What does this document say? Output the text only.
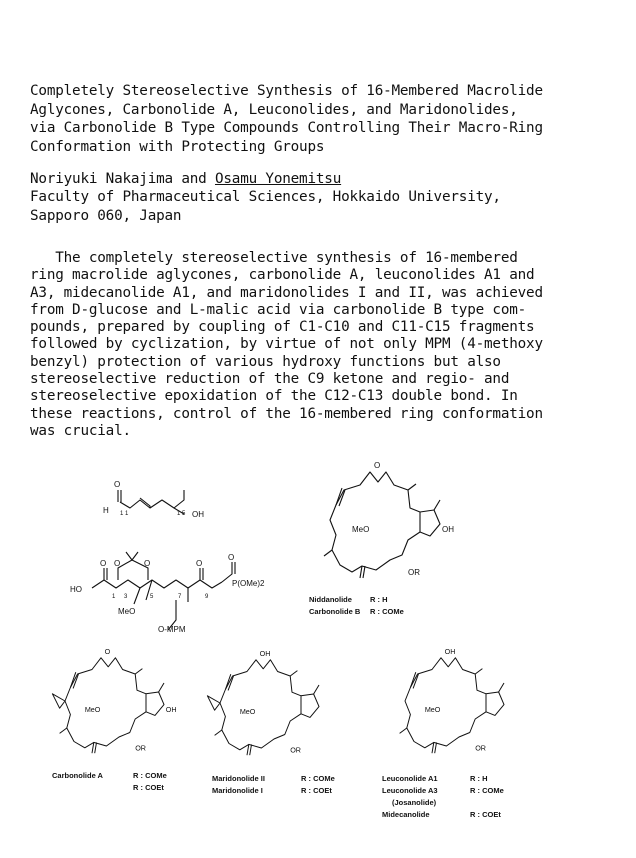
Completely Stereoselective Synthesis of 16-Membered Macrolide
Aglycones, Carbonolide A, Leuconolides, and Maridonolides,
via Carbonolide B Type Compounds Controlling Their Macro-Ring
Conformation with Protecting Groups
Noriyuki Nakajima and Osamu Yonemitsu
Faculty of Pharmaceutical Sciences, Hokkaido University,
Sapporo 060, Japan
The completely stereoselective synthesis of 16-membered
ring macrolide aglycones, carbonolide A, leuconolides A1 and
A3, midecanolide A1, and maridonolides I and II, was achieved
from D-glucose and L-malic acid via carbonolide B type com-
pounds, prepared by coupling of C1-C10 and C11-C15 fragments
followed by cyclization, by virtue of not only MPM (4-methoxy
benzyl) protection of various hydroxy functions but also
stereoselective reduction of the C9 ketone and regio- and
stereoselective epoxidation of the C12-C13 double bond. In
these reactions, control of the 16-membered ring conformation
was crucial.
O
H 1 1	1 5 OH
O	O
O
O	O
HO
1 3	5	7	9
P(OMe)2
MeO
O-MPM
O
MeO
OR
OH
Niddanolide R : H
Carbonolide B R : COMe
O
MeO
OR
OH
Carbonolide A	R : COMe
R : COEt
OH
MeO
OR
Maridonolide II	R : COMe
Maridonolide I	R : COEt
OH
MeO
OR
Leuconolide A1	R : H
Leuconolide A3	R : COMe
(Josanolide)
Midecanolide	R : COEt
